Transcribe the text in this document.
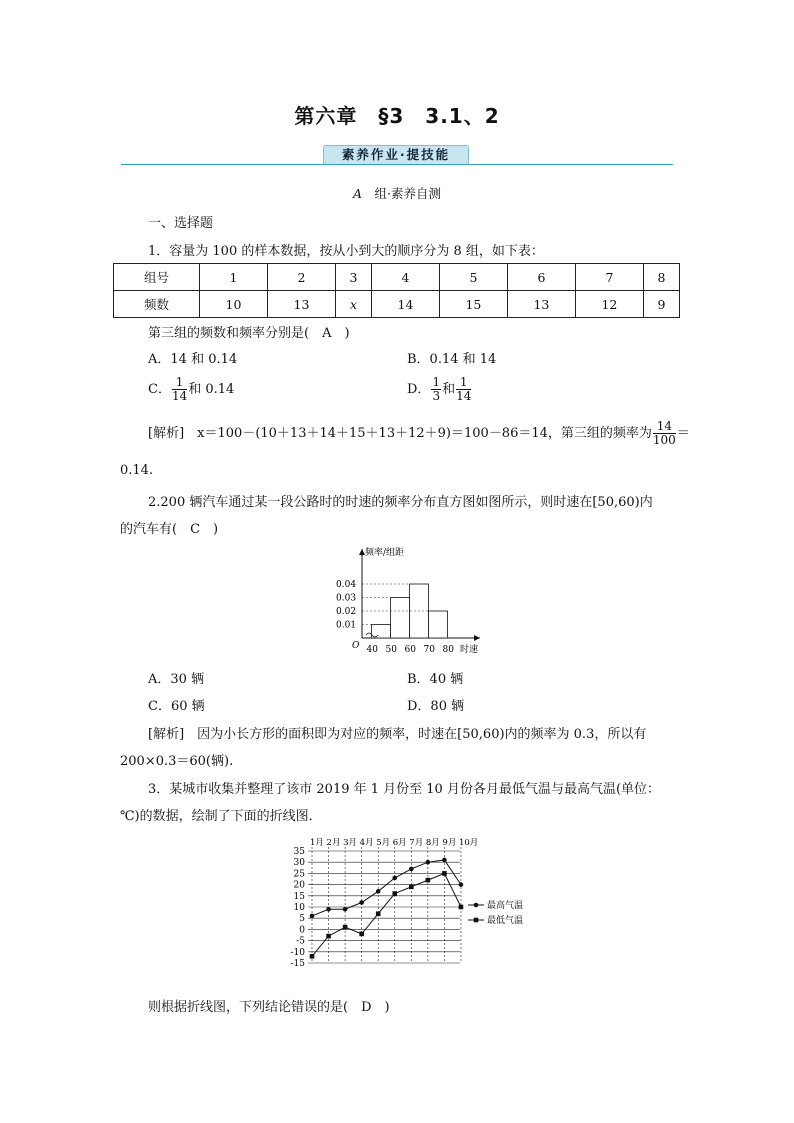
第六章　§3　3.1、2
素养作业·提技能
A　 组·素养自测
一、选择题
1．容量为 100 的样本数据，按从小到大的顺序分为 8 组，如下表：
组号	1	2	3	4	5	6	7	8
频数	10	13	x	14	15	13	12	9
第三组的频数和频率分别是(　A　)
A．14 和 0.14	B．0.14 和 14
C． $\frac{1}{14}$ 和 0.14	D． $\frac{1}{3}$ 和 $\frac{1}{14}$
[解析]　 x＝100－(10＋13＋14＋15＋13＋12＋9)＝100－86＝14，第三组的频率为 $\frac{14}{100}$ ＝
0.14.
2.200 辆汽车通过某一段公路时的时速的频率分布直方图如图所示，则时速在[50,60)内
的汽车有(　C　)
频率/组距
时速
O
0.01
0.02
0.03
0.04
40 50 60 70 80
A．30 辆	B．40 辆
C．60 辆	D．80 辆
[解析]　 因为小长方形的面积即为对应的频率，时速在[50,60)内的频率为 0.3，所以有
200×0.3＝60(辆).
3．某城市收集并整理了该市 2019 年 1 月份至 10 月份各月最低气温与最高气温(单位：
℃)的数据，绘制了下面的折线图．
35
30
25
20
15
10
5
0
-5
-10
-15
1月 2月 3月 4月 5月 6月 7月 8月 9月 10月
最高气温
最低气温
则根据折线图，下列结论错误的是(　D　)
